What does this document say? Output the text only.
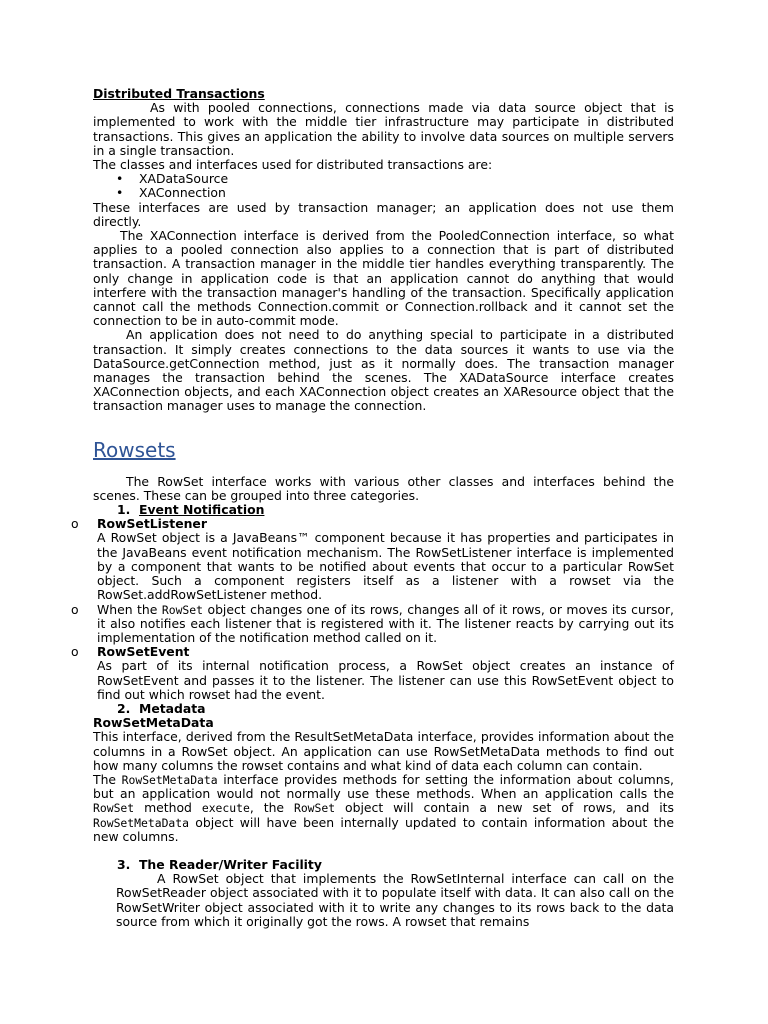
Distributed Transactions

As with pooled connections, connections made via data source object that is implemented to work with the middle tier infrastructure may participate in distributed transactions. This gives an application the ability to involve data sources on multiple servers in a single transaction.

The classes and interfaces used for distributed transactions are:

• XADataSource
• XAConnection

These interfaces are used by transaction manager; an application does not use them directly.

The XAConnection interface is derived from the PooledConnection interface, so what applies to a pooled connection also applies to a connection that is part of distributed transaction. A transaction manager in the middle tier handles everything transparently. The only change in application code is that an application cannot do anything that would interfere with the transaction manager's handling of the transaction. Specifically application cannot call the methods Connection.commit or Connection.rollback and it cannot set the connection to be in auto-commit mode.

An application does not need to do anything special to participate in a distributed transaction. It simply creates connections to the data sources it wants to use via the DataSource.getConnection method, just as it normally does. The transaction manager manages the transaction behind the scenes. The XADataSource interface creates XAConnection objects, and each XAConnection object creates an XAResource object that the transaction manager uses to manage the connection.

Rowsets

The RowSet interface works with various other classes and interfaces behind the scenes. These can be grouped into three categories.

1. Event Notification

o	RowSetListener

A RowSet object is a JavaBeans™ component because it has properties and participates in the JavaBeans event notification mechanism. The RowSetListener interface is implemented by a component that wants to be notified about events that occur to a particular RowSet object. Such a component registers itself as a listener with a rowset via the RowSet.addRowSetListener method.

o	When the RowSet object changes one of its rows, changes all of it rows, or moves its cursor, it also notifies each listener that is registered with it. The listener reacts by carrying out its implementation of the notification method called on it.

o	RowSetEvent

As part of its internal notification process, a RowSet object creates an instance of RowSetEvent and passes it to the listener. The listener can use this RowSetEvent object to find out which rowset had the event.

2. Metadata

RowSetMetaData

This interface, derived from the ResultSetMetaData interface, provides information about the columns in a RowSet object. An application can use RowSetMetaData methods to find out how many columns the rowset contains and what kind of data each column can contain.

The RowSetMetaData interface provides methods for setting the information about columns, but an application would not normally use these methods. When an application calls the RowSet method execute, the RowSet object will contain a new set of rows, and its RowSetMetaData object will have been internally updated to contain information about the new columns.

3. The Reader/Writer Facility

A RowSet object that implements the RowSetInternal interface can call on the RowSetReader object associated with it to populate itself with data. It can also call on the RowSetWriter object associated with it to write any changes to its rows back to the data source from which it originally got the rows. A rowset that remains
